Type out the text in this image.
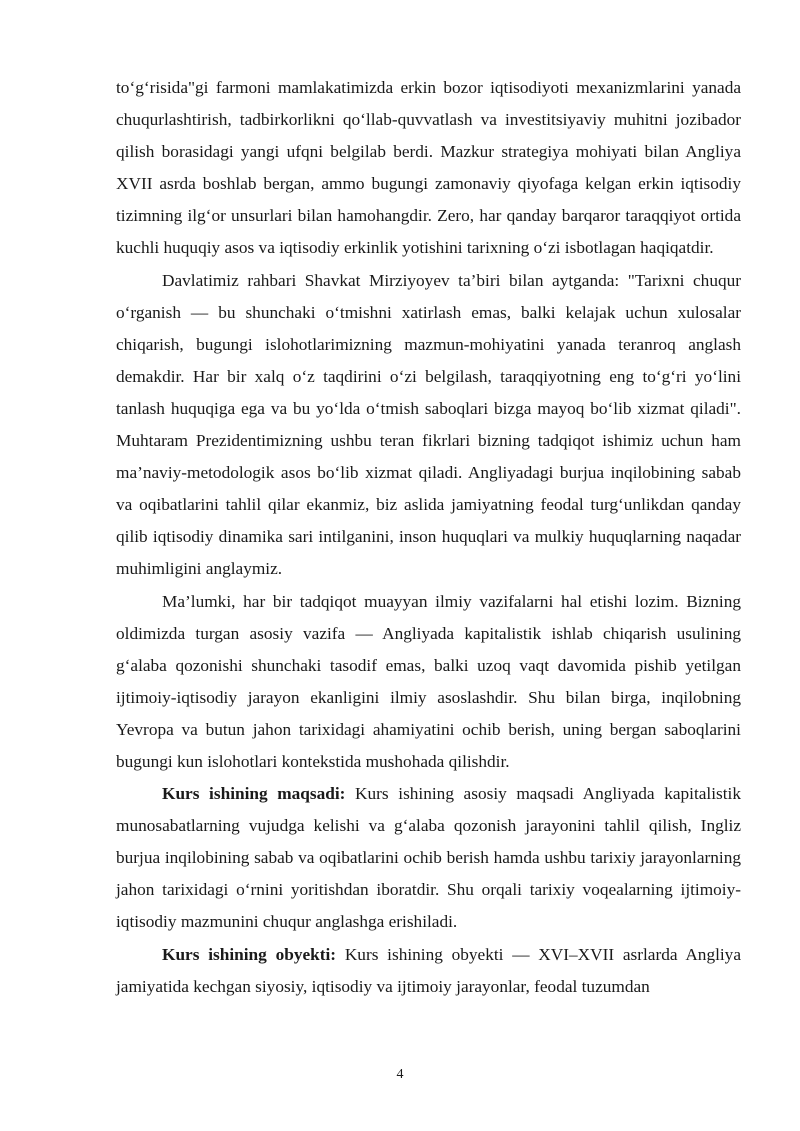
to‘g‘risida"gi farmoni mamlakatimizda erkin bozor iqtisodiyoti mexanizmlarini yanada chuqurlashtirish, tadbirkorlikni qo‘llab-quvvatlash va investitsiyaviy muhitni jozibador qilish borasidagi yangi ufqni belgilab berdi. Mazkur strategiya mohiyati bilan Angliya XVII asrda boshlab bergan, ammo bugungi zamonaviy qiyofaga kelgan erkin iqtisodiy tizimning ilg‘or unsurlari bilan hamohangdir. Zero, har qanday barqaror taraqqiyot ortida kuchli huquqiy asos va iqtisodiy erkinlik yotishini tarixning o‘zi isbotlagan haqiqatdir.

Davlatimiz rahbari Shavkat Mirziyoyev ta’biri bilan aytganda: "Tarixni chuqur o‘rganish — bu shunchaki o‘tmishni xatirlash emas, balki kelajak uchun xulosalar chiqarish, bugungi islohotlarimizning mazmun-mohiyatini yanada teranroq anglash demakdir. Har bir xalq o‘z taqdirini o‘zi belgilash, taraqqiyotning eng to‘g‘ri yo‘lini tanlash huquqiga ega va bu yo‘lda o‘tmish saboqlari bizga mayoq bo‘lib xizmat qiladi". Muhtaram Prezidentimizning ushbu teran fikrlari bizning tadqiqot ishimiz uchun ham ma’naviy-metodologik asos bo‘lib xizmat qiladi. Angliyadagi burjua inqilobining sabab va oqibatlarini tahlil qilar ekanmiz, biz aslida jamiyatning feodal turg‘unlikdan qanday qilib iqtisodiy dinamika sari intilganini, inson huquqlari va mulkiy huquqlarning naqadar muhimligini anglaymiz.

Ma’lumki, har bir tadqiqot muayyan ilmiy vazifalarni hal etishi lozim. Bizning oldimizda turgan asosiy vazifa — Angliyada kapitalistik ishlab chiqarish usulining g‘alaba qozonishi shunchaki tasodif emas, balki uzoq vaqt davomida pishib yetilgan ijtimoiy-iqtisodiy jarayon ekanligini ilmiy asoslashdir. Shu bilan birga, inqilobning Yevropa va butun jahon tarixidagi ahamiyatini ochib berish, uning bergan saboqlarini bugungi kun islohotlari kontekstida mushohada qilishdir.

Kurs ishining maqsadi: Kurs ishining asosiy maqsadi Angliyada kapitalistik munosabatlarning vujudga kelishi va g‘alaba qozonish jarayonini tahlil qilish, Ingliz burjua inqilobining sabab va oqibatlarini ochib berish hamda ushbu tarixiy jarayonlarning jahon tarixidagi o‘rnini yoritishdan iboratdir. Shu orqali tarixiy voqealarning ijtimoiy-iqtisodiy mazmunini chuqur anglashga erishiladi.

Kurs ishining obyekti: Kurs ishining obyekti — XVI–XVII asrlarda Angliya jamiyatida kechgan siyosiy, iqtisodiy va ijtimoiy jarayonlar, feodal tuzumdan

4
